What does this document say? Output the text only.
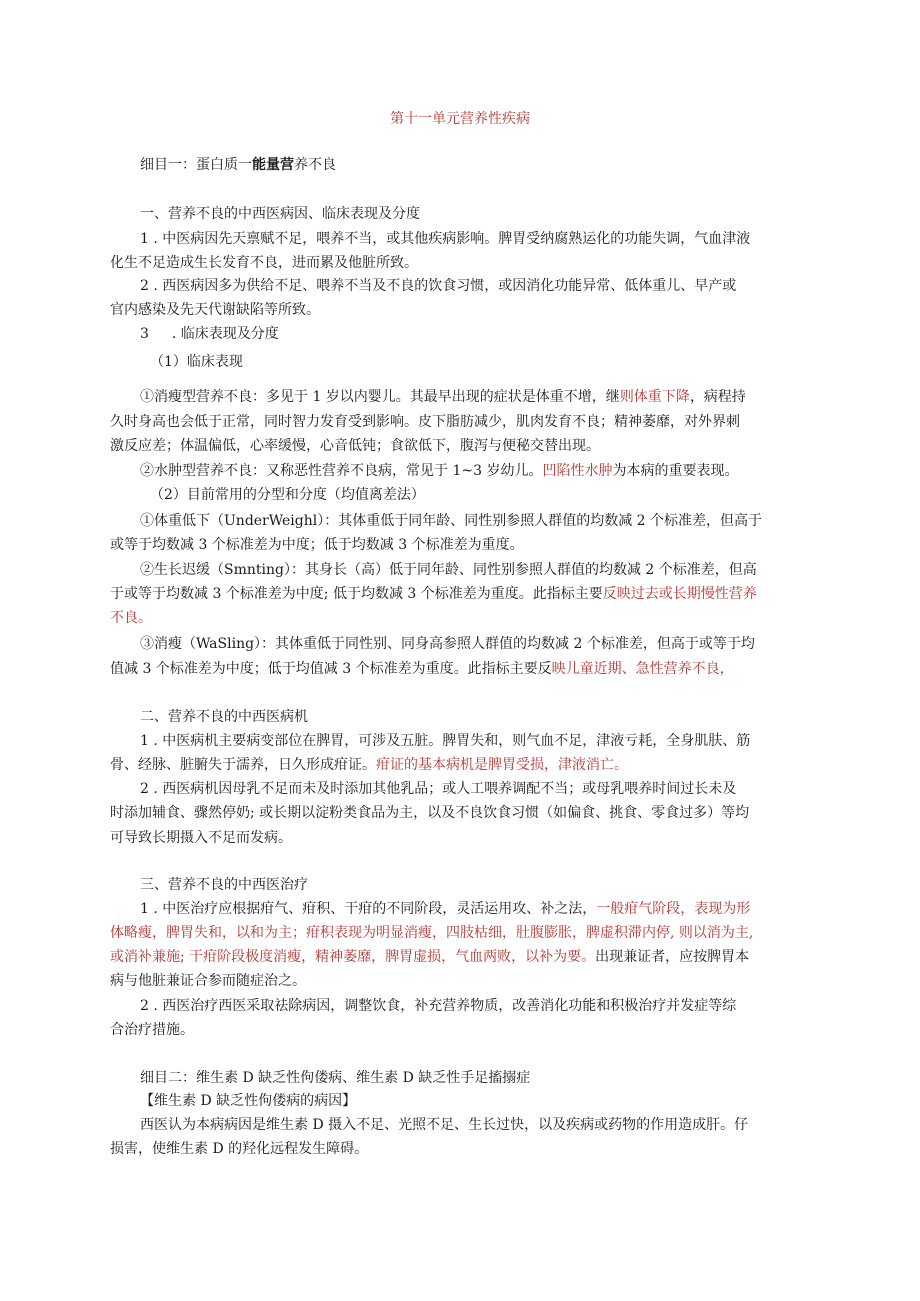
第十一单元营养性疾病
细目一：蛋白质一能量营养不良
一、营养不良的中西医病因、临床表现及分度
1 . 中医病因先天禀赋不足，喂养不当，或其他疾病影响。脾胃受纳腐熟运化的功能失调，气血津液
化生不足造成生长发育不良，进而累及他脏所致。
2 . 西医病因多为供给不足、喂养不当及不良的饮食习惯，或因消化功能异常、低体重儿、早产或
官内感染及先天代谢缺陷等所致。
3 　 . 临床表现及分度
（1）临床表现
①消瘦型营养不良：多见于 1 岁以内婴儿。其最早出现的症状是体重不增，继则体重下降，病程持
久时身高也会低于正常，同时智力发育受到影响。皮下脂肪减少，肌肉发育不良；精神萎靡，对外界刺
激反应差；体温偏低，心率缓慢，心音低钝；食欲低下，腹泻与便秘交替出现。
②水肿型营养不良：又称恶性营养不良病，常见于 1~3 岁幼儿。凹陷性水肿为本病的重要表现。
（2）目前常用的分型和分度（均值离差法）
①体重低下（UnderWeighl）：其体重低于同年龄、同性别参照人群值的均数减 2 个标准差，但高于
或等于均数减 3 个标准差为中度；低于均数减 3 个标准差为重度。
②生长迟缓（Smnting）：其身长（高）低于同年龄、同性别参照人群值的均数减 2 个标准差，但高
于或等于均数减 3 个标准差为中度; 低于均数减 3 个标准差为重度。此指标主要反映过去或长期慢性营养
不良。
③消瘦（WaSling）：其体重低于同性别、同身高参照人群值的均数减 2 个标准差，但高于或等于均
值减 3 个标准差为中度；低于均值减 3 个标准差为重度。此指标主要反映儿童近期、急性营养不良，
二、营养不良的中西医病机
1 . 中医病机主要病变部位在脾胃，可涉及五脏。脾胃失和，则气血不足，津液亏耗，全身肌肤、筋
骨、经脉、脏腑失于濡养，日久形成疳证。疳证的基本病机是脾胃受损，津液消亡。
2 . 西医病机因母乳不足而未及时添加其他乳品；或人工喂养调配不当；或母乳喂养时间过长未及
时添加辅食、骤然停奶; 或长期以淀粉类食品为主，以及不良饮食习惯（如偏食、挑食、零食过多）等均
可导致长期摄入不足而发病。
三、营养不良的中西医治疗
1 . 中医治疗应根据疳气、疳积、干疳的不同阶段，灵活运用攻、补之法，一般疳气阶段，表现为形
体略瘦，脾胃失和，以和为主；疳积表现为明显消瘦，四肢枯细，肚腹膨胀，脾虚积滞内停, 则以消为主,
或消补兼施; 干疳阶段极度消瘦，精神萎靡，脾胃虚损，气血两败，以补为要。出现兼证者，应按脾胃本
病与他脏兼证合参而随症治之。
2 . 西医治疗西医采取祛除病因，调整饮食，补充营养物质，改善消化功能和积极治疗并发症等综
合治疗措施。
细目二：维生素 D 缺乏性佝偻病、维生素 D 缺乏性手足搐搦症
【维生素 D 缺乏性佝偻病的病因】
西医认为本病病因是维生素 D 摄入不足、光照不足、生长过快，以及疾病或药物的作用造成肝。仔
损害，使维生素 D 的羟化远程发生障碍。
